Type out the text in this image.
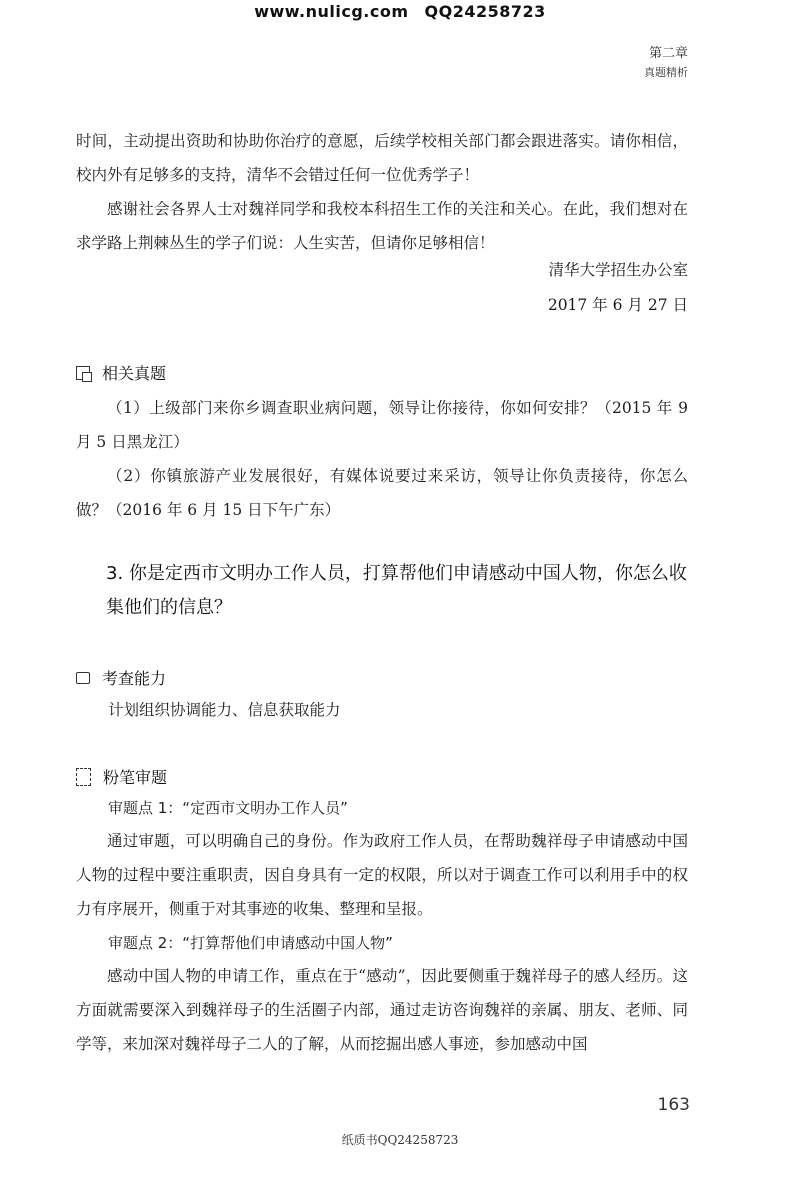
www.nulicg.com QQ24258723
第二章
真题精析

时间，主动提出资助和协助你治疗的意愿，后续学校相关部门都会跟进落实。请你相信，校内外有足够多的支持，清华不会错过任何一位优秀学子！

感谢社会各界人士对魏祥同学和我校本科招生工作的关注和关心。在此，我们想对在求学路上荆棘丛生的学子们说：人生实苦，但请你足够相信！

清华大学招生办公室
2017 年 6 月 27 日
相关真题

（1）上级部门来你乡调查职业病问题，领导让你接待，你如何安排？（2015 年 9 月 5 日黑龙江）

（2）你镇旅游产业发展很好，有媒体说要过来采访，领导让你负责接待，你怎么做？（2016 年 6 月 15 日下午广东）

3. 你是定西市文明办工作人员，打算帮他们申请感动中国人物，你怎么收集他们的信息？
考查能力
计划组织协调能力、信息获取能力
粉笔审题
审题点 1：“定西市文明办工作人员”

通过审题，可以明确自己的身份。作为政府工作人员，在帮助魏祥母子申请感动中国人物的过程中要注重职责，因自身具有一定的权限，所以对于调查工作可以利用手中的权力有序展开，侧重于对其事迹的收集、整理和呈报。

审题点 2：“打算帮他们申请感动中国人物”

感动中国人物的申请工作，重点在于“感动”，因此要侧重于魏祥母子的感人经历。这方面就需要深入到魏祥母子的生活圈子内部，通过走访咨询魏祥的亲属、朋友、老师、同学等，来加深对魏祥母子二人的了解，从而挖掘出感人事迹，参加感动中国

163
纸质书QQ24258723
